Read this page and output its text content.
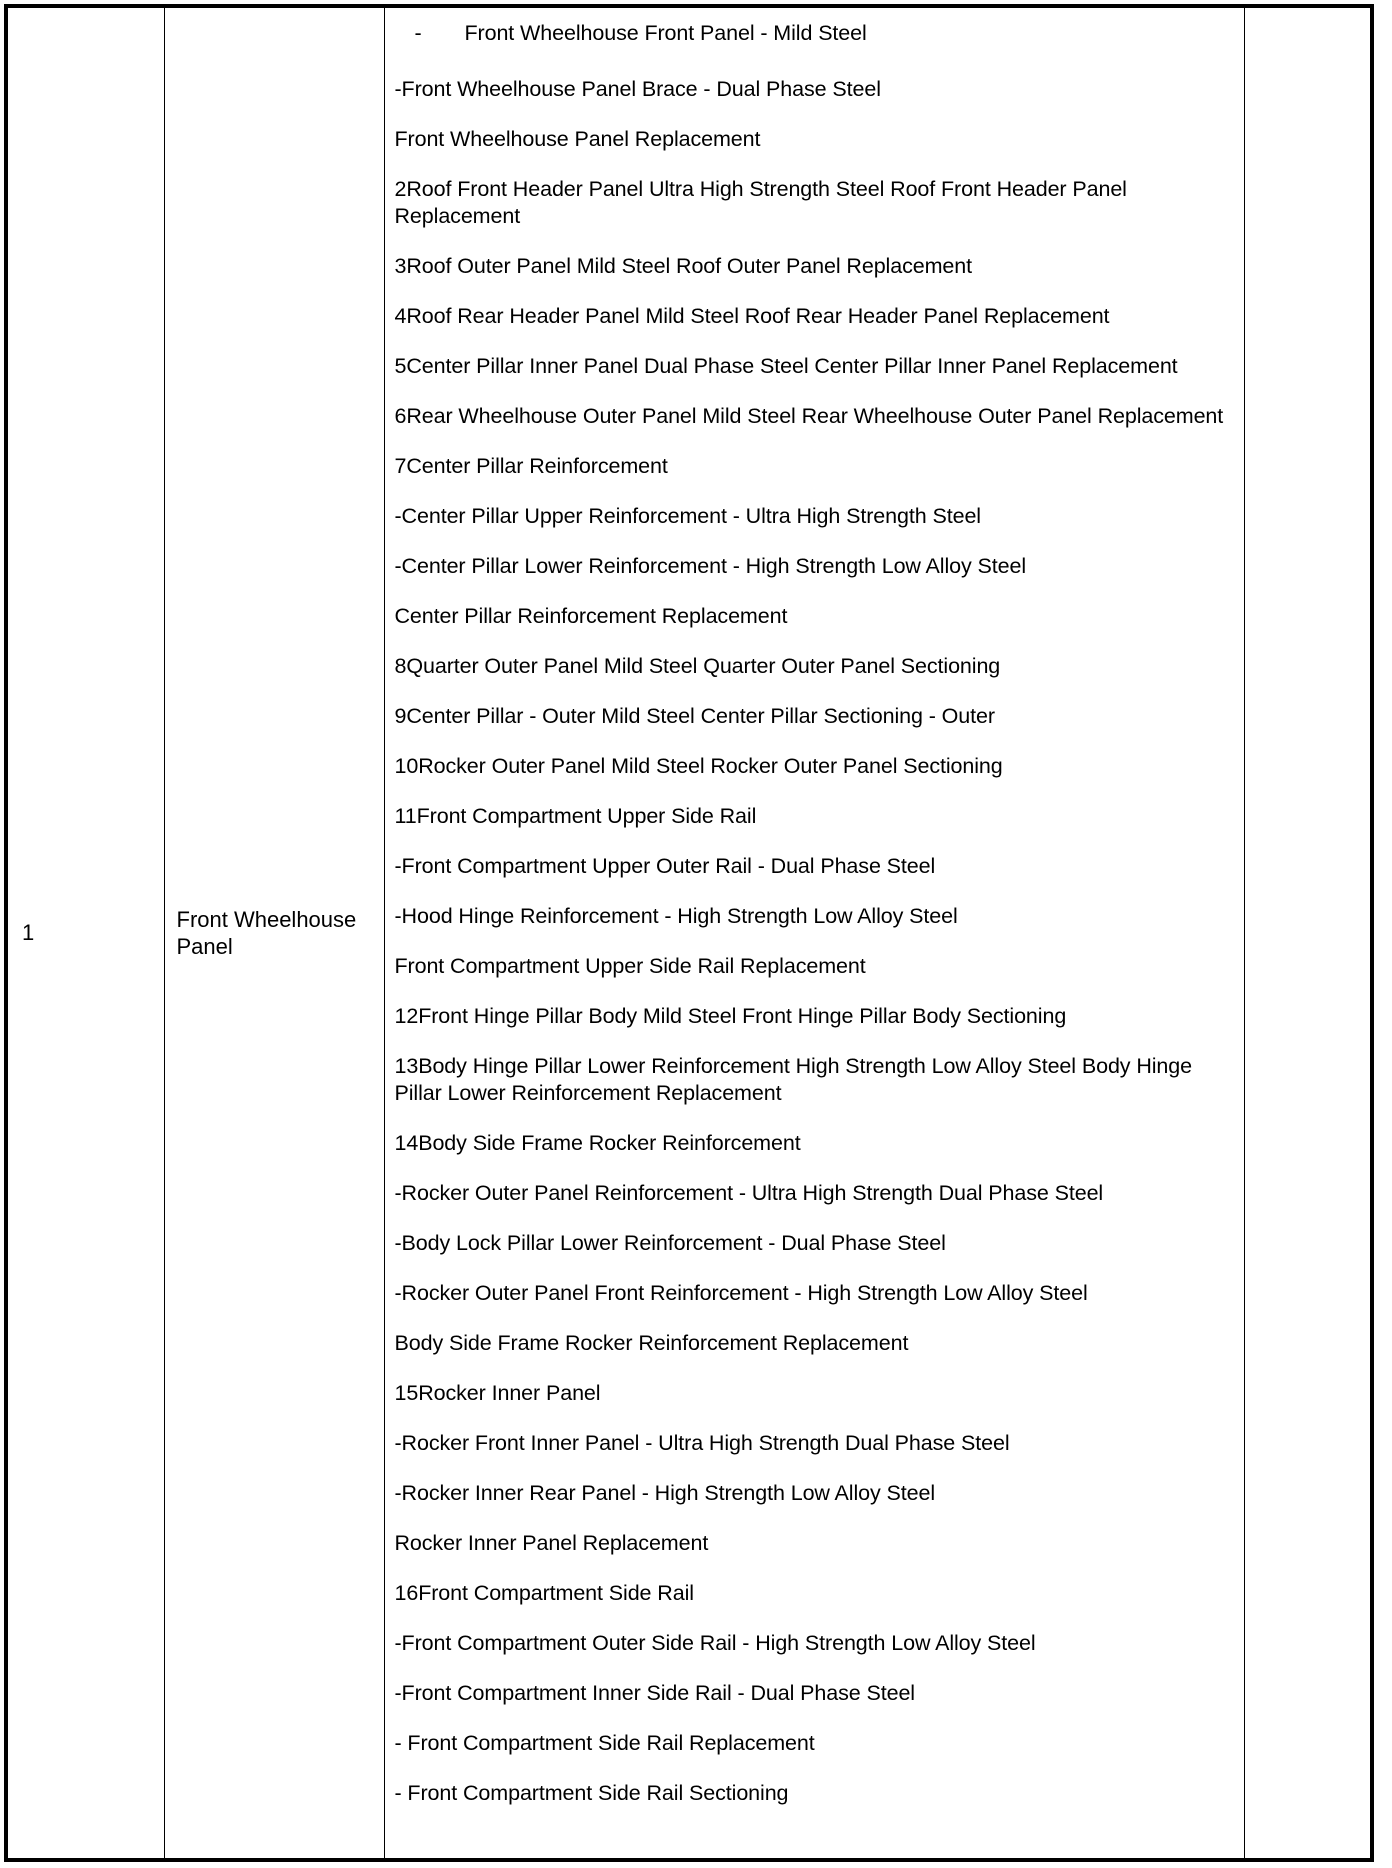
1	Front Wheelhouse Panel	
- Front Wheelhouse Front Panel - Mild Steel
-Front Wheelhouse Panel Brace - Dual Phase Steel
Front Wheelhouse Panel Replacement
2Roof Front Header Panel Ultra High Strength Steel Roof Front Header Panel Replacement
3Roof Outer Panel Mild Steel Roof Outer Panel Replacement
4Roof Rear Header Panel Mild Steel Roof Rear Header Panel Replacement
5Center Pillar Inner Panel Dual Phase Steel Center Pillar Inner Panel Replacement
6Rear Wheelhouse Outer Panel Mild Steel Rear Wheelhouse Outer Panel Replacement
7Center Pillar Reinforcement
-Center Pillar Upper Reinforcement - Ultra High Strength Steel
-Center Pillar Lower Reinforcement - High Strength Low Alloy Steel
Center Pillar Reinforcement Replacement
8Quarter Outer Panel Mild Steel Quarter Outer Panel Sectioning
9Center Pillar - Outer Mild Steel Center Pillar Sectioning - Outer
10Rocker Outer Panel Mild Steel Rocker Outer Panel Sectioning
11Front Compartment Upper Side Rail
-Front Compartment Upper Outer Rail - Dual Phase Steel
-Hood Hinge Reinforcement - High Strength Low Alloy Steel
Front Compartment Upper Side Rail Replacement
12Front Hinge Pillar Body Mild Steel Front Hinge Pillar Body Sectioning
13Body Hinge Pillar Lower Reinforcement High Strength Low Alloy Steel Body Hinge Pillar Lower Reinforcement Replacement
14Body Side Frame Rocker Reinforcement
-Rocker Outer Panel Reinforcement - Ultra High Strength Dual Phase Steel
-Body Lock Pillar Lower Reinforcement - Dual Phase Steel
-Rocker Outer Panel Front Reinforcement - High Strength Low Alloy Steel
Body Side Frame Rocker Reinforcement Replacement
15Rocker Inner Panel
-Rocker Front Inner Panel - Ultra High Strength Dual Phase Steel
-Rocker Inner Rear Panel - High Strength Low Alloy Steel
Rocker Inner Panel Replacement
16Front Compartment Side Rail
-Front Compartment Outer Side Rail - High Strength Low Alloy Steel
-Front Compartment Inner Side Rail - Dual Phase Steel
- Front Compartment Side Rail Replacement
- Front Compartment Side Rail Sectioning
